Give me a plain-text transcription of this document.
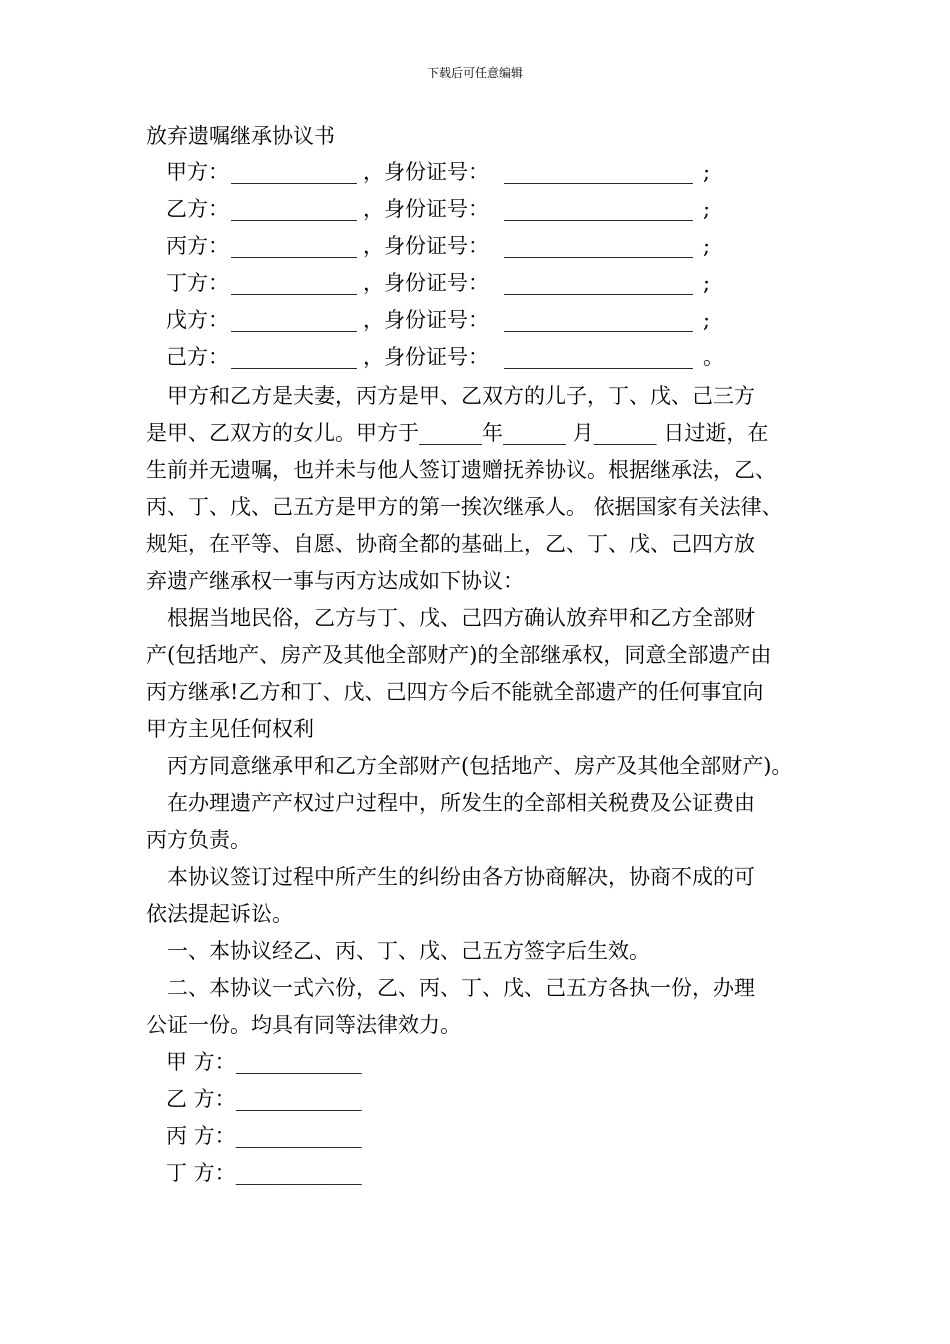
下载后可任意编辑
放弃遗嘱继承协议书
甲方： ____________ ，身份证号： __________________ ;
乙方： ____________ ，身份证号： __________________ ;
丙方： ____________ ，身份证号： __________________ ;
丁方： ____________ ，身份证号： __________________ ;
戊方： ____________ ，身份证号： __________________ ;
己方： ____________ ，身份证号： __________________ 。
甲方和乙方是夫妻，丙方是甲、乙双方的儿子，丁、戊、己三方
是甲、乙双方的女儿。甲方于______年______ 月______ 日过逝，在
生前并无遗嘱，也并未与他人签订遗赠抚养协议。根据继承法，乙、
丙、丁、戊、己五方是甲方的第一挨次继承人。 依据国家有关法律、
规矩，在平等、自愿、协商全都的基础上，乙、丁、戊、己四方放
弃遗产继承权一事与丙方达成如下协议：
根据当地民俗，乙方与丁、戊、己四方确认放弃甲和乙方全部财
产(包括地产、房产及其他全部财产)的全部继承权，同意全部遗产由
丙方继承!乙方和丁、戊、己四方今后不能就全部遗产的任何事宜向
甲方主见任何权利
丙方同意继承甲和乙方全部财产(包括地产、房产及其他全部财产)。
在办理遗产产权过户过程中，所发生的全部相关税费及公证费由
丙方负责。
本协议签订过程中所产生的纠纷由各方协商解决，协商不成的可
依法提起诉讼。
一、本协议经乙、丙、丁、戊、己五方签字后生效。
二、本协议一式六份，乙、丙、丁、戊、己五方各执一份，办理
公证一份。均具有同等法律效力。
甲 方：____________
乙 方：____________
丙 方：____________
丁 方：____________
